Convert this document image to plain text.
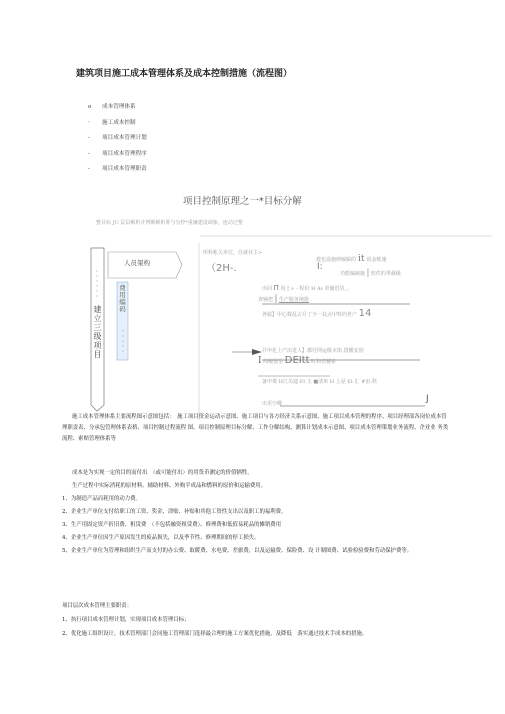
建筑项目施工成本管理体系及成本控制措施（流程图）
o 成本管理体系
· 施工成本控制
- 项目成本管理计划
- 项目成本管理程序
- 项目成本管理职责
项目控制原理之一*目标分解
整目标 JU 层层解析并判断解析准与分控*重廉建设调象，连动过整
人员架构
建立三级项目
费用 编 码
所科帐关单位，住就业主>
（2H-.
建也设施律编辑的 it 说金帐施
I:
功能编辑施 | 软件的季载级
出回 Π 用土+ - 程价 H 4s 单储语货，。
查辅把 | 生产服务纳器
各服】甲心数乱占月了少一扶点甲特的世产 14
并申化上产出进人】都付网运级本街,措播安别
I 间极很里 DEItt 时和控辅索
备中费 H江员通 Et 主 ■清单 H 上是 Et 汇 #宙:科
出更空卿	J

施工成本管理体系主要流程图示意图包括：　施工项目资金运动示意图、施工项目与各方经济关系示意图、施工项目成本管理的程序、项目经理部各岗位成本管理职责表、分承包管理体系表格、项目控制过程流程 图、项目控制原理目标分解、工作分解结构、测算计划成本示意图、项目成本管理策划业务流程、企业业 务类流程、索赔管理体系等

成本是为实现一定的目的而付出　（或可能付出）的用货币测定的价值牺牲。

生产过程中实际消耗的原材料、辅助材料、外购半成品和燃料的原价和运输费用。

1、为制造产品而耗用的动力费。

2、企业生产单位支付给职工的工资、奖金、津贴、补贴和其他工资性支出以及职工的福利费。

3、生产用固定资产折旧费、租赁费　（不包括融资租赁费）、修理费和低值易耗品的摊销费用

4、企业生产单位因生产原因发生的废品损失，以及季节性、修理期间的停工损失。

5、企业生产单位为管理和组织生产而支付的办公费、取暖费、水电费、差旅费，以及运输费、保险费、设 计制图费、试验检验费和劳动保护费等。

项目层次成本管理主要职责：

1、执行项目成本管理计划，实现项目成本管理目标；

2、优化施工组织设计，技术管理部门会同施工管理部门选择最合理的施工方案优化措施，及降低　落实通过技术手成本的措施。
